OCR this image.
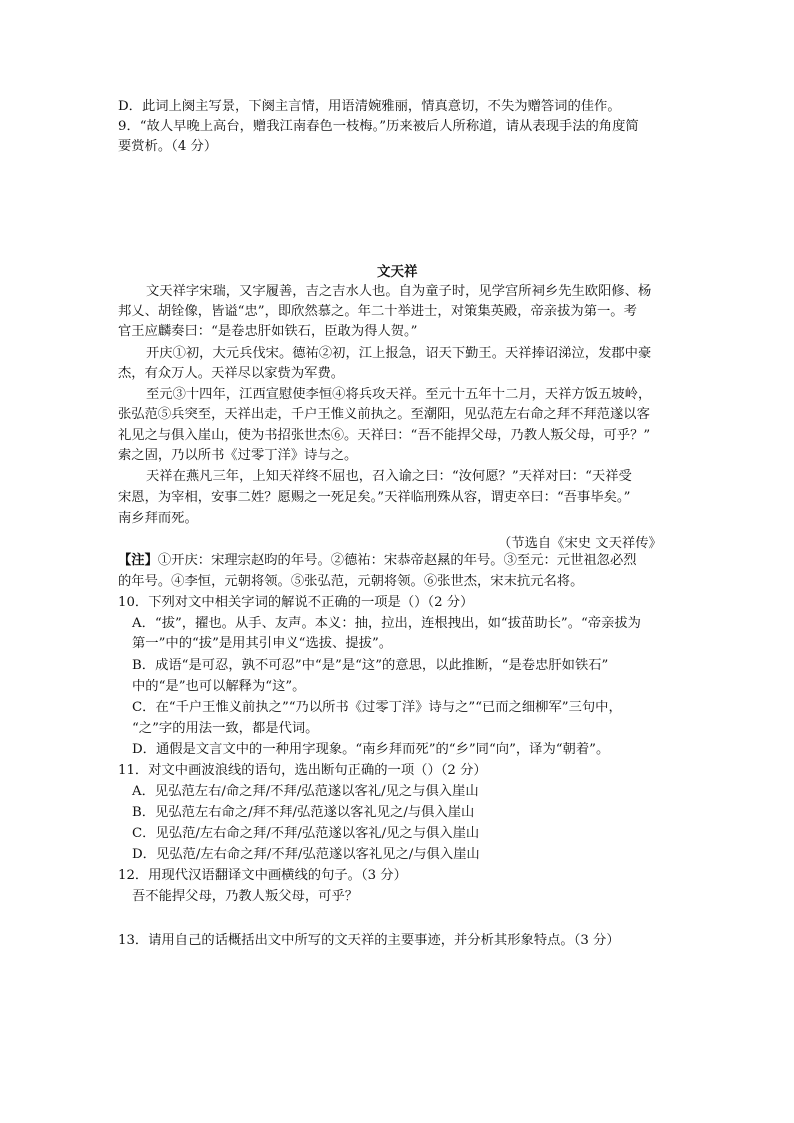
D．此词上阕主写景，下阕主言情，用语清婉雅丽，情真意切，不失为赠答词的佳作。
9．“故人早晚上高台，赠我江南春色一枝梅。”历来被后人所称道，请从表现手法的角度简
要赏析。（4 分）
文天祥
文天祥字宋瑞，又字履善，吉之吉水人也。自为童子时，见学宫所祠乡先生欧阳修、杨
邦乂、胡铨像，皆谥“忠”，即欣然慕之。年二十举进士，对策集英殿，帝亲拔为第一。考
官王应麟奏曰：“是卷忠肝如铁石，臣敢为得人贺。”
开庆①初，大元兵伐宋。德祐②初，江上报急，诏天下勤王。天祥捧诏涕泣，发郡中豪
杰，有众万人。天祥尽以家赀为军费。
至元③十四年，江西宣慰使李恒④将兵攻天祥。至元十五年十二月，天祥方饭五坡岭，
张弘范⑤兵突至，天祥出走，千户王惟义前执之。至潮阳，见弘范左右命之拜不拜范遂以客
礼见之与俱入崖山，使为书招张世杰⑥。天祥曰：“吾不能捍父母，乃教人叛父母，可乎？”
索之固，乃以所书《过零丁洋》诗与之。
天祥在燕凡三年，上知天祥终不屈也，召入谕之曰：“汝何愿？”天祥对曰：“天祥受
宋恩，为宰相，安事二姓？愿赐之一死足矣。”天祥临刑殊从容，谓吏卒曰：“吾事毕矣。”
南乡拜而死。
（节选自《宋史 文天祥传》
【注】①开庆：宋理宗赵昀的年号。②德祐：宋恭帝赵㬎的年号。③至元：元世祖忽必烈
的年号。④李恒，元朝将领。⑤张弘范，元朝将领。⑥张世杰，宋末抗元名将。
10．下列对文中相关字词的解说不正确的一项是（）（2 分）
A．“拔”，擢也。从手、友声。本义：抽，拉出，连根拽出，如“拔苗助长”。“帝亲拔为
第一”中的“拔”是用其引申义“选拔、提拔”。
B．成语“是可忍，孰不可忍”中“是”是“这”的意思，以此推断，“是卷忠肝如铁石”
中的“是”也可以解释为“这”。
C．在“千户王惟义前执之”“乃以所书《过零丁洋》诗与之”“已而之细柳军”三句中，
“之”字的用法一致，都是代词。
D．通假是文言文中的一种用字现象。“南乡拜而死”的“乡”同“向”，译为“朝着”。
11．对文中画波浪线的语句，选出断句正确的一项（）（2 分）
A．见弘范左右/命之拜/不拜/弘范遂以客礼/见之与俱入崖山
B．见弘范左右命之/拜不拜/弘范遂以客礼见之/与俱入崖山
C．见弘范/左右命之拜/不拜/弘范遂以客礼/见之与俱入崖山
D．见弘范/左右命之拜/不拜/弘范遂以客礼见之/与俱入崖山
12．用现代汉语翻译文中画横线的句子。（3 分）
吾不能捍父母，乃教人叛父母，可乎？
13．请用自己的话概括出文中所写的文天祥的主要事迹，并分析其形象特点。（3 分）
